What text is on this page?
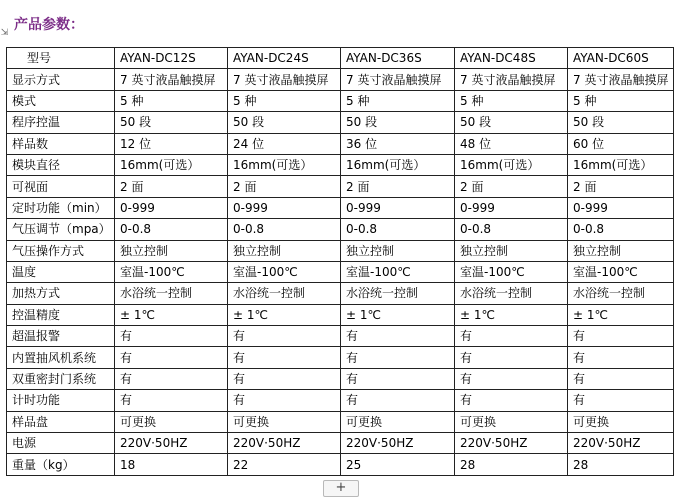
产品参数：
⇲
型号	AYAN-DC12S	AYAN-DC24S	AYAN-DC36S	AYAN-DC48S	AYAN-DC60S
显示方式	7 英寸液晶触摸屏	7 英寸液晶触摸屏	7 英寸液晶触摸屏	7 英寸液晶触摸屏	7 英寸液晶触摸屏
模式	5 种	5 种	5 种	5 种	5 种
程序控温	50 段	50 段	50 段	50 段	50 段
样品数	12 位	24 位	36 位	48 位	60 位
模块直径	16mm(可选）	16mm(可选）	16mm(可选）	16mm(可选）	16mm(可选）
可视面	2 面	2 面	2 面	2 面	2 面
定时功能（min）	0-999	0-999	0-999	0-999	0-999
气压调节（mpa）	0-0.8	0-0.8	0-0.8	0-0.8	0-0.8
气压操作方式	独立控制	独立控制	独立控制	独立控制	独立控制
温度	室温-100℃	室温-100℃	室温-100℃	室温-100℃	室温-100℃
加热方式	水浴统一控制	水浴统一控制	水浴统一控制	水浴统一控制	水浴统一控制
控温精度	± 1℃	± 1℃	± 1℃	± 1℃	± 1℃
超温报警	有	有	有	有	有
内置抽风机系统	有	有	有	有	有
双重密封门系统	有	有	有	有	有
计时功能	有	有	有	有	有
样品盘	可更换	可更换	可更换	可更换	可更换
电源	220V·50HZ	220V·50HZ	220V·50HZ	220V·50HZ	220V·50HZ
重量（kg）	18	22	25	28	28
+
